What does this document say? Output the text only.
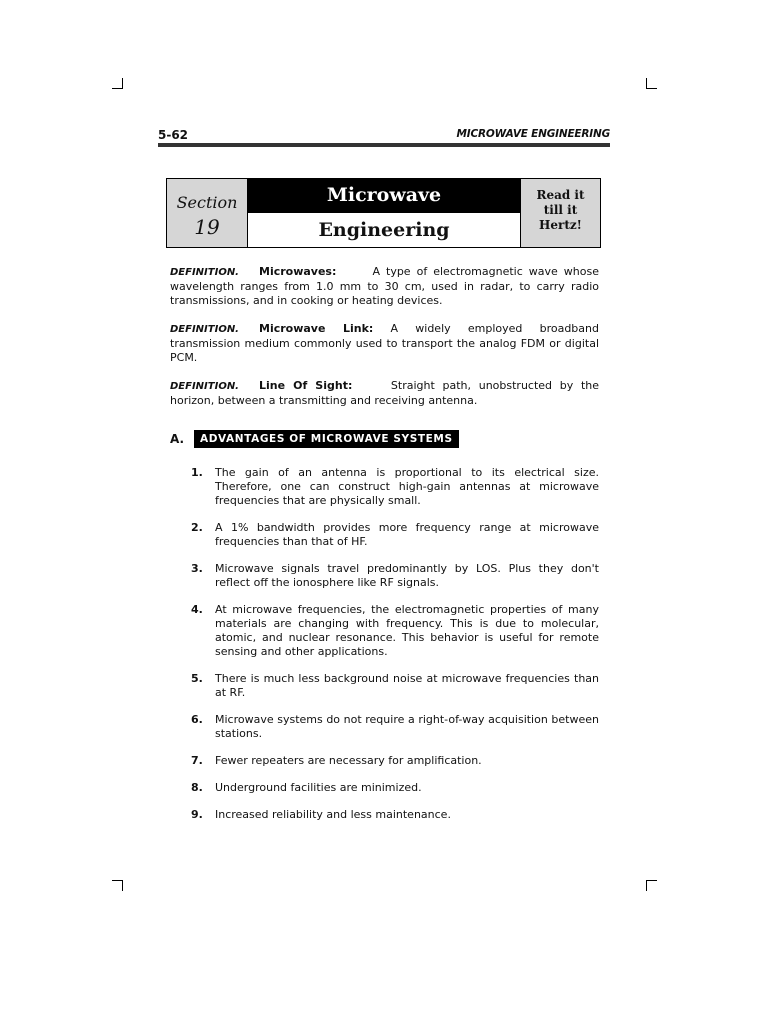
5-62	MICROWAVE ENGINEERING
Section
19
Microwave
Engineering
Read it
till it
Hertz!

DEFINITION. Microwaves:	A type of electromagnetic wave whose wavelength ranges from 1.0 mm to 30 cm, used in radar, to carry radio transmissions, and in cooking or heating devices.

DEFINITION. Microwave Link: A widely employed broadband transmission medium commonly used to transport the analog FDM or digital PCM.

DEFINITION. Line Of Sight:	Straight path, unobstructed by the horizon, between a transmitting and receiving antenna.

A.	ADVANTAGES OF MICROWAVE SYSTEMS
1.	The gain of an antenna is proportional to its electrical size. Therefore, one can construct high-gain antennas at microwave frequencies that are physically small.
2.	A 1% bandwidth provides more frequency range at microwave frequencies than that of HF.
3.	Microwave signals travel predominantly by LOS. Plus they don't reflect off the ionosphere like RF signals.
4.	At microwave frequencies, the electromagnetic properties of many materials are changing with frequency. This is due to molecular, atomic, and nuclear resonance. This behavior is useful for remote sensing and other applications.
5.	There is much less background noise at microwave frequencies than at RF.
6.	Microwave systems do not require a right-of-way acquisition between stations.
7.	Fewer repeaters are necessary for amplification.
8.	Underground facilities are minimized.
9.	Increased reliability and less maintenance.
